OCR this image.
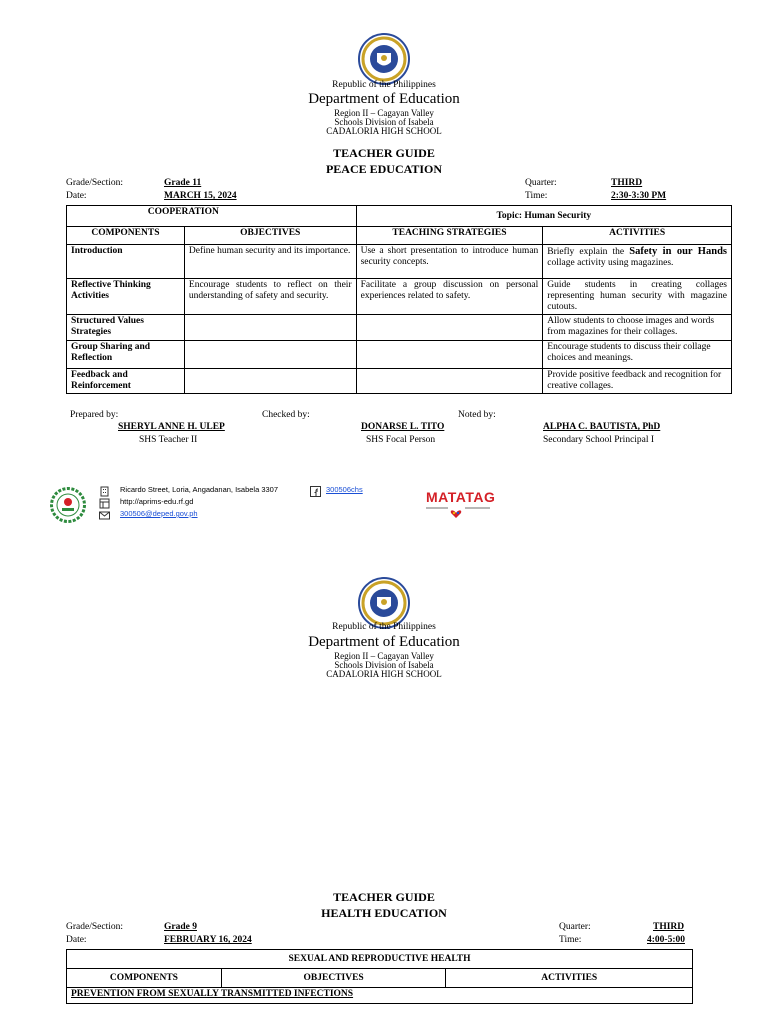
Republic of the Philippines
Department of Education
Region II – Cagayan Valley
Schools Division of Isabela
CADALORIA HIGH SCHOOL
TEACHER GUIDE
PEACE EDUCATION
Grade/Section:	Grade 11
Date:	MARCH 15, 2024
Quarter:	THIRD
Time:	2:30-3:30 PM
COOPERATION		Topic: Human Security	
COMPONENTS	OBJECTIVES	TEACHING STRATEGIES	ACTIVITIES
Introduction	Define human security and its importance.	Use a short presentation to introduce human security concepts.	Briefly explain the Safety in our Hands collage activity using magazines.
Reflective Thinking Activities	Encourage students to reflect on their understanding of safety and security.	Facilitate a group discussion on personal experiences related to safety.	Guide students in creating collages representing human security with magazine cutouts.
Structured Values Strategies			Allow students to choose images and words from magazines for their collages.
Group Sharing and Reflection			Encourage students to discuss their collage choices and meanings.
Feedback and Reinforcement			Provide positive feedback and recognition for creative collages.
Prepared by:	Checked by:	Noted by:
SHERYL ANNE H. ULEP
SHS Teacher II
DONARSE L. TITO
SHS Focal Person
ALPHA C. BAUTISTA, PhD
Secondary School Principal I
Ricardo Street, Loria, Angadanan, Isabela 3307
http://aprims-edu.rf.gd
300506@deped.gov.ph
300506chs	MATATAG
Republic of the Philippines
Department of Education
Region II – Cagayan Valley
Schools Division of Isabela
CADALORIA HIGH SCHOOL
TEACHER GUIDE
HEALTH EDUCATION
Grade/Section:	Grade 9
Date:	FEBRUARY 16, 2024
Quarter:	THIRD
Time:	4:00-5:00
SEXUAL AND REPRODUCTIVE HEALTH
COMPONENTS	OBJECTIVES	ACTIVITIES
PREVENTION FROM SEXUALLY TRANSMITTED INFECTIONS
